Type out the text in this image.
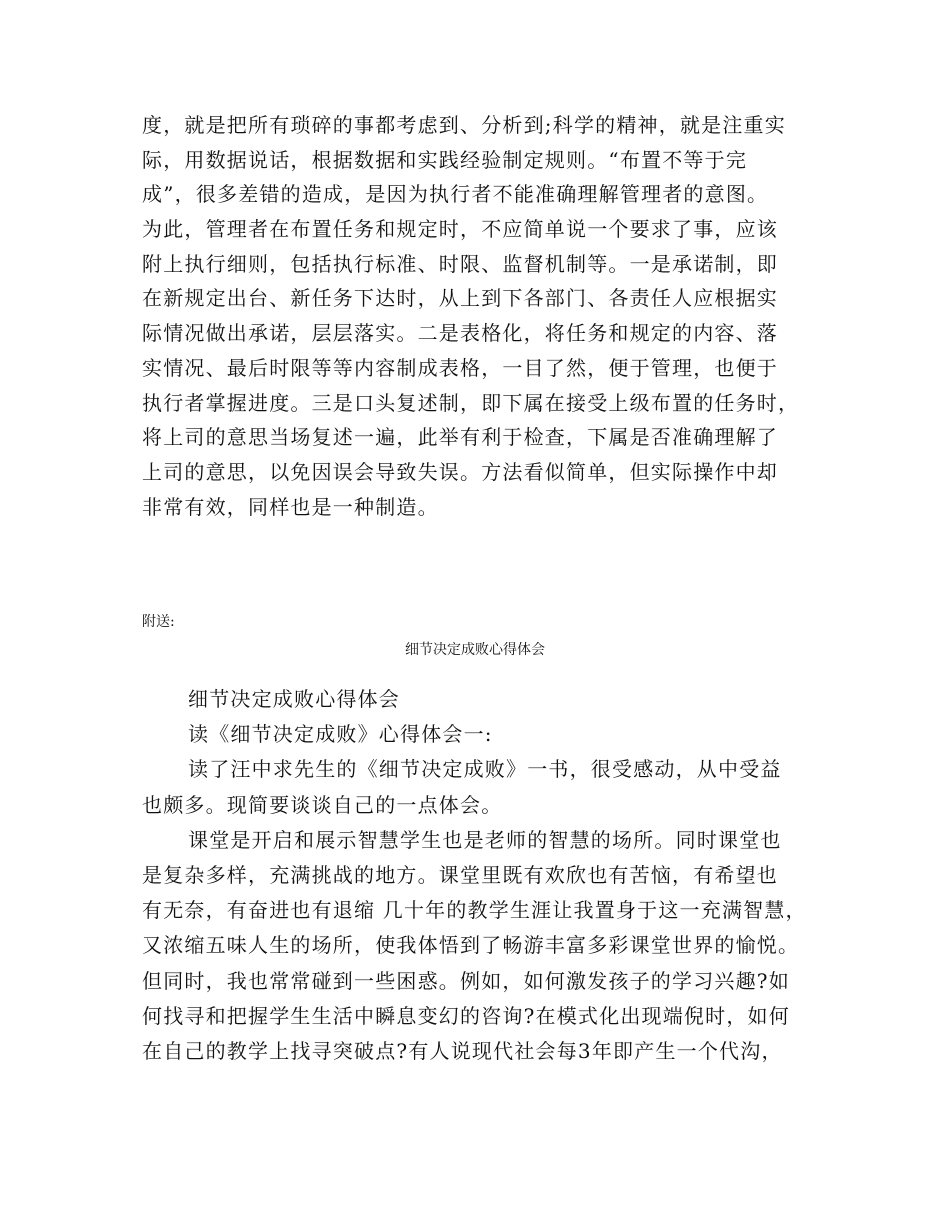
度，就是把所有琐碎的事都考虑到、分析到;科学的精神，就是注重实
际，用数据说话，根据数据和实践经验制定规则。“布置不等于完
成”，很多差错的造成，是因为执行者不能准确理解管理者的意图。
为此，管理者在布置任务和规定时，不应简单说一个要求了事，应该
附上执行细则，包括执行标准、时限、监督机制等。一是承诺制，即
在新规定出台、新任务下达时，从上到下各部门、各责任人应根据实
际情况做出承诺，层层落实。二是表格化，将任务和规定的内容、落
实情况、最后时限等等内容制成表格，一目了然，便于管理，也便于
执行者掌握进度。三是口头复述制，即下属在接受上级布置的任务时，
将上司的意思当场复述一遍，此举有利于检查，下属是否准确理解了
上司的意思，以免因误会导致失误。方法看似简单，但实际操作中却
非常有效，同样也是一种制造。
附送:
细节决定成败心得体会
细节决定成败心得体会
读《细节决定成败》心得体会一:
读了汪中求先生的《细节决定成败》一书，很受感动，从中受益
也颇多。现简要谈谈自己的一点体会。
课堂是开启和展示智慧学生也是老师的智慧的场所。同时课堂也
是复杂多样，充满挑战的地方。课堂里既有欢欣也有苦恼，有希望也
有无奈，有奋进也有退缩 几十年的教学生涯让我置身于这一充满智慧，
又浓缩五味人生的场所，使我体悟到了畅游丰富多彩课堂世界的愉悦。
但同时，我也常常碰到一些困惑。例如，如何激发孩子的学习兴趣?如
何找寻和把握学生生活中瞬息变幻的咨询?在模式化出现端倪时，如何
在自己的教学上找寻突破点?有人说现代社会每3年即产生一个代沟，
